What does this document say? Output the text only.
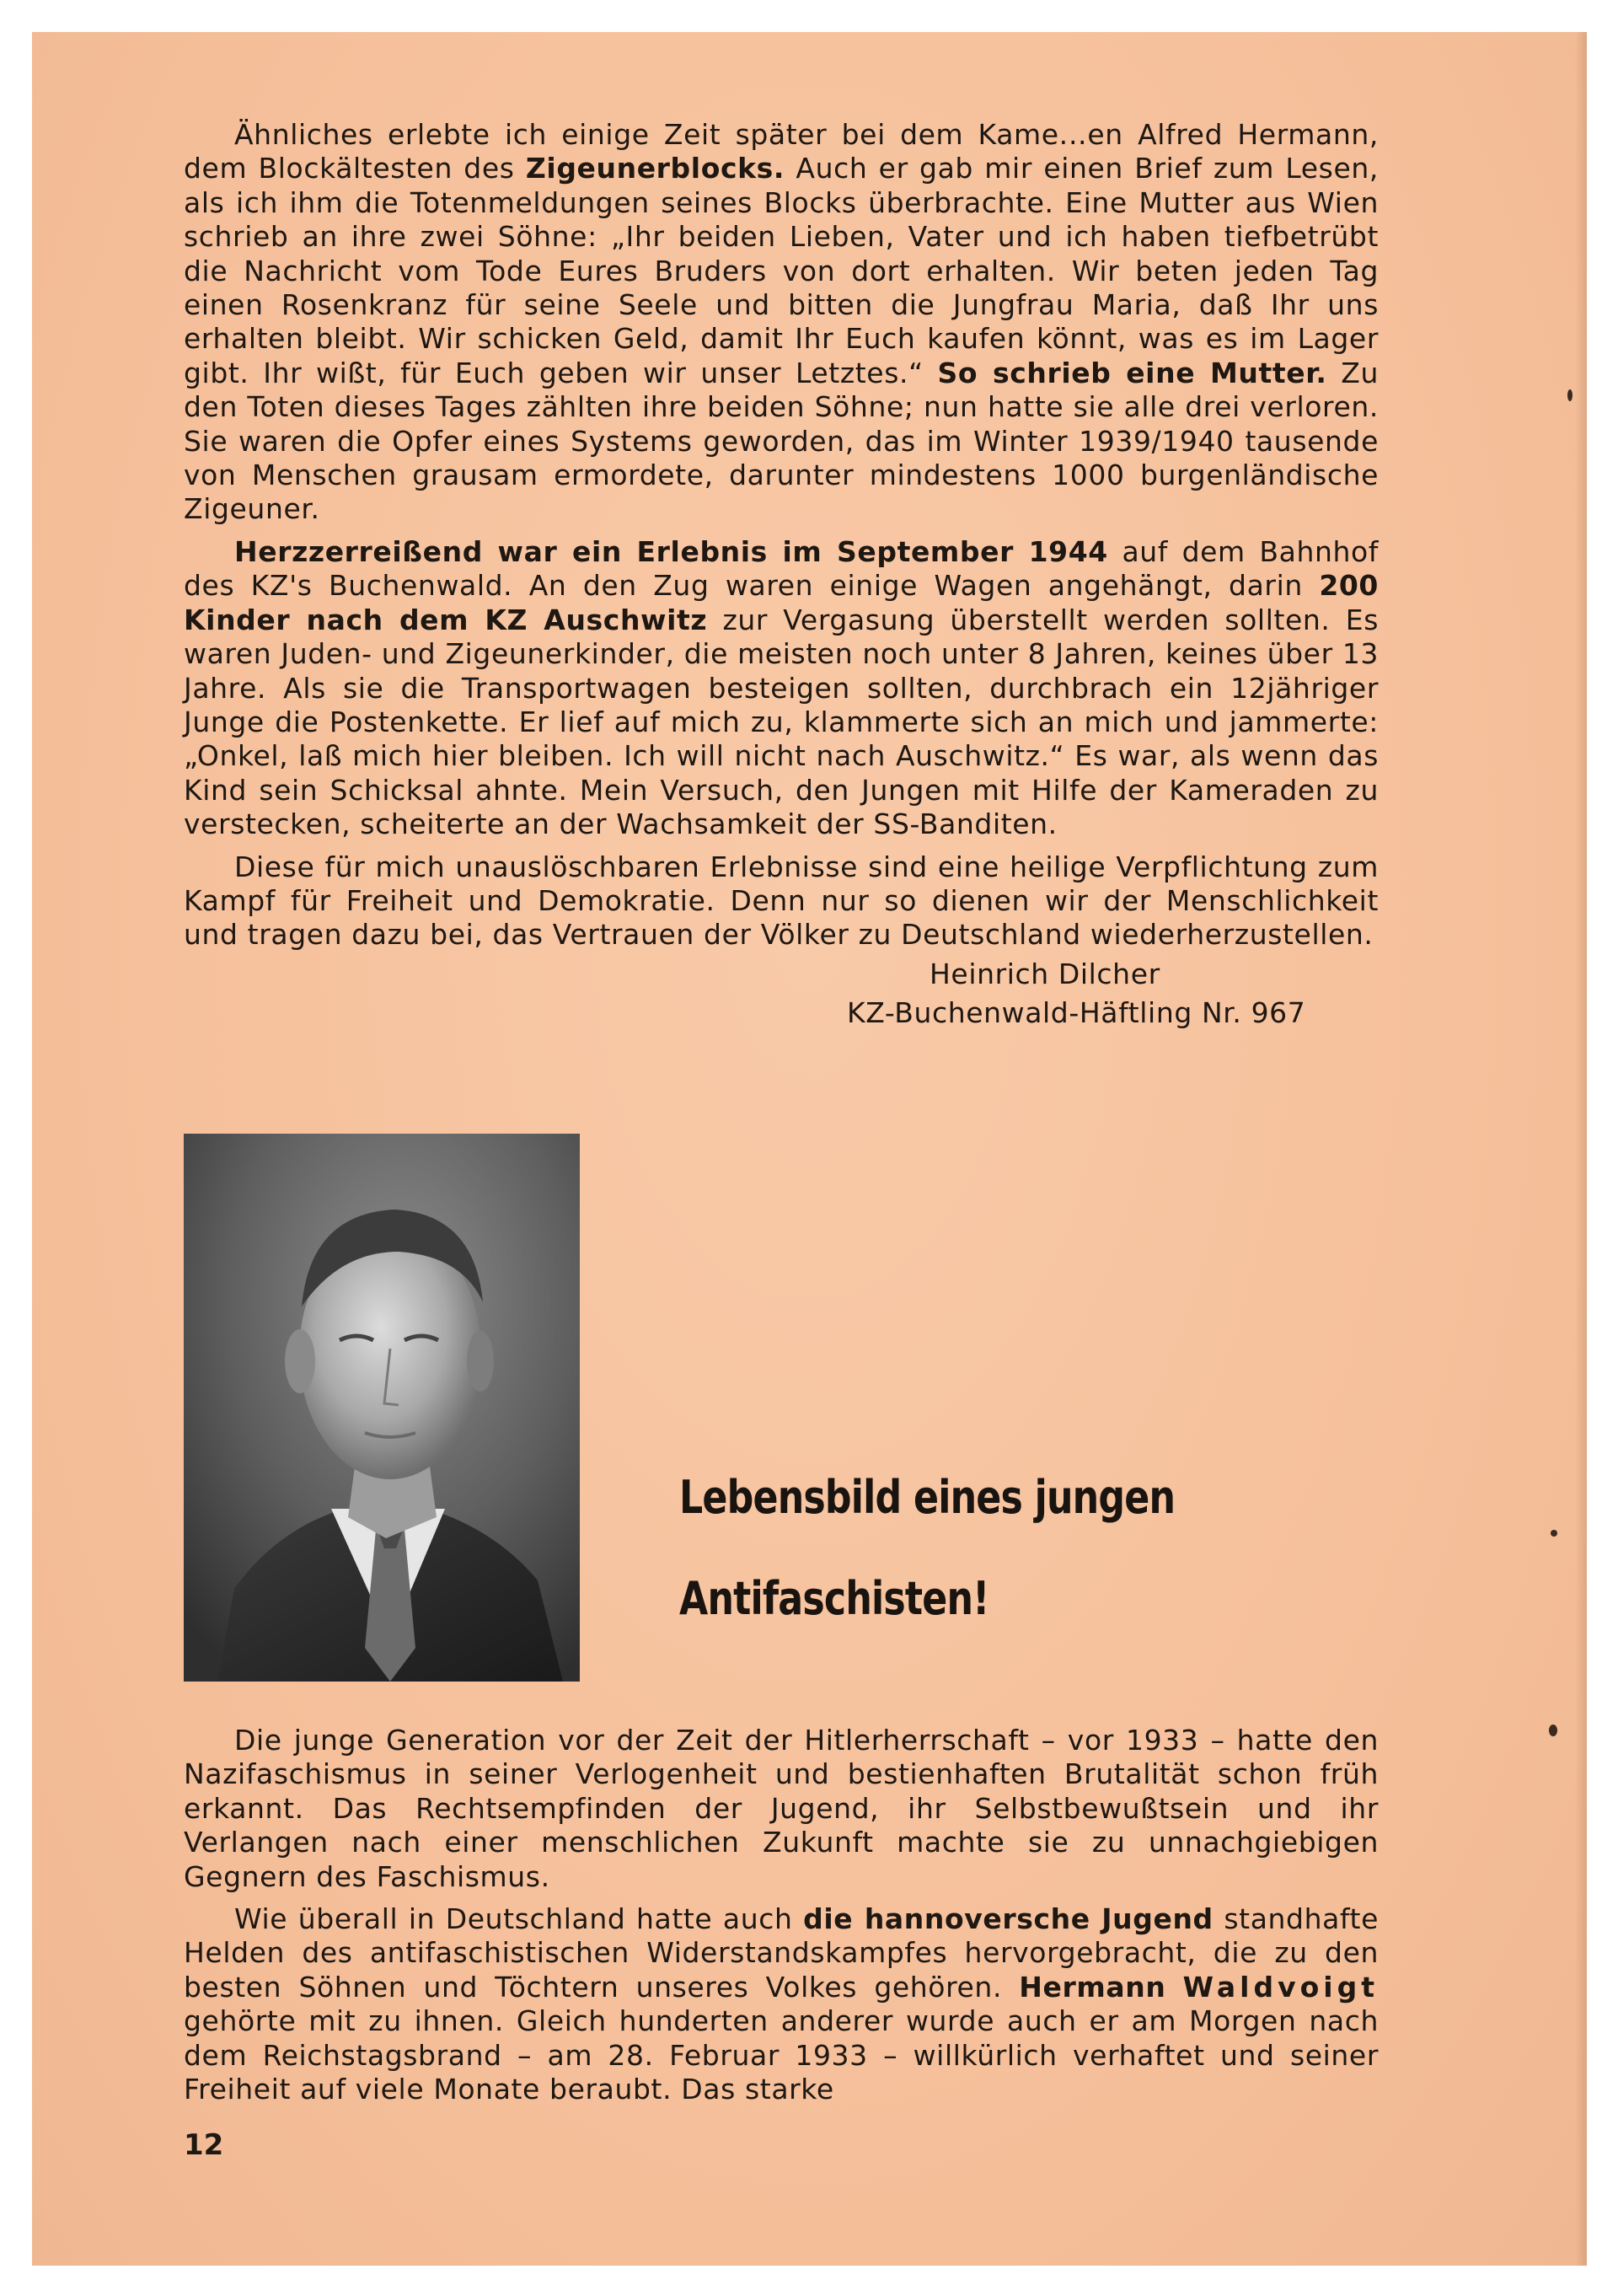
Ähnliches erlebte ich einige Zeit später bei dem Kame.‥en Alfred Hermann, dem Blockältesten des Zigeunerblocks. Auch er gab mir einen Brief zum Lesen, als ich ihm die Totenmeldungen seines Blocks überbrachte. Eine Mutter aus Wien schrieb an ihre zwei Söhne: „Ihr beiden Lieben, Vater und ich haben tiefbetrübt die Nachricht vom Tode Eures Bruders von dort erhalten. Wir beten jeden Tag einen Rosenkranz für seine Seele und bitten die Jungfrau Maria, daß Ihr uns erhalten bleibt. Wir schicken Geld, damit Ihr Euch kaufen könnt, was es im Lager gibt. Ihr wißt, für Euch geben wir unser Letztes.“ So schrieb eine Mutter. Zu den Toten dieses Tages zählten ihre beiden Söhne; nun hatte sie alle drei verloren. Sie waren die Opfer eines Systems geworden, das im Winter 1939/1940 tausende von Menschen grausam ermordete, darunter mindestens 1000 burgenländische Zigeuner.

Herzzerreißend war ein Erlebnis im September 1944 auf dem Bahnhof des KZ's Buchenwald. An den Zug waren einige Wagen angehängt, darin 200 Kinder nach dem KZ Auschwitz zur Vergasung überstellt werden sollten. Es waren Juden- und Zigeunerkinder, die meisten noch unter 8 Jahren, keines über 13 Jahre. Als sie die Transportwagen besteigen sollten, durchbrach ein 12jähriger Junge die Postenkette. Er lief auf mich zu, klammerte sich an mich und jammerte: „Onkel, laß mich hier bleiben. Ich will nicht nach Auschwitz.“ Es war, als wenn das Kind sein Schicksal ahnte. Mein Versuch, den Jungen mit Hilfe der Kameraden zu verstecken, scheiterte an der Wachsamkeit der SS-Banditen.

Diese für mich unauslöschbaren Erlebnisse sind eine heilige Verpflichtung zum Kampf für Freiheit und Demokratie. Denn nur so dienen wir der Menschlichkeit und tragen dazu bei, das Vertrauen der Völker zu Deutschland wiederherzustellen.

Heinrich Dilcher
KZ-Buchenwald-Häftling Nr. 967
Lebensbild eines jungen
Antifaschisten!

Die junge Generation vor der Zeit der Hitlerherrschaft – vor 1933 – hatte den Nazifaschismus in seiner Verlogenheit und bestienhaften Brutalität schon früh erkannt. Das Rechtsempfinden der Jugend, ihr Selbstbewußtsein und ihr Verlangen nach einer menschlichen Zukunft machte sie zu unnachgiebigen Gegnern des Faschismus.

Wie überall in Deutschland hatte auch die hannoversche Jugend standhafte Helden des antifaschistischen Widerstandskampfes hervorgebracht, die zu den besten Söhnen und Töchtern unseres Volkes gehören. Hermann Waldvoigt gehörte mit zu ihnen. Gleich hunderten anderer wurde auch er am Morgen nach dem Reichstagsbrand – am 28. Februar 1933 – willkürlich verhaftet und seiner Freiheit auf viele Monate beraubt. Das starke

12
